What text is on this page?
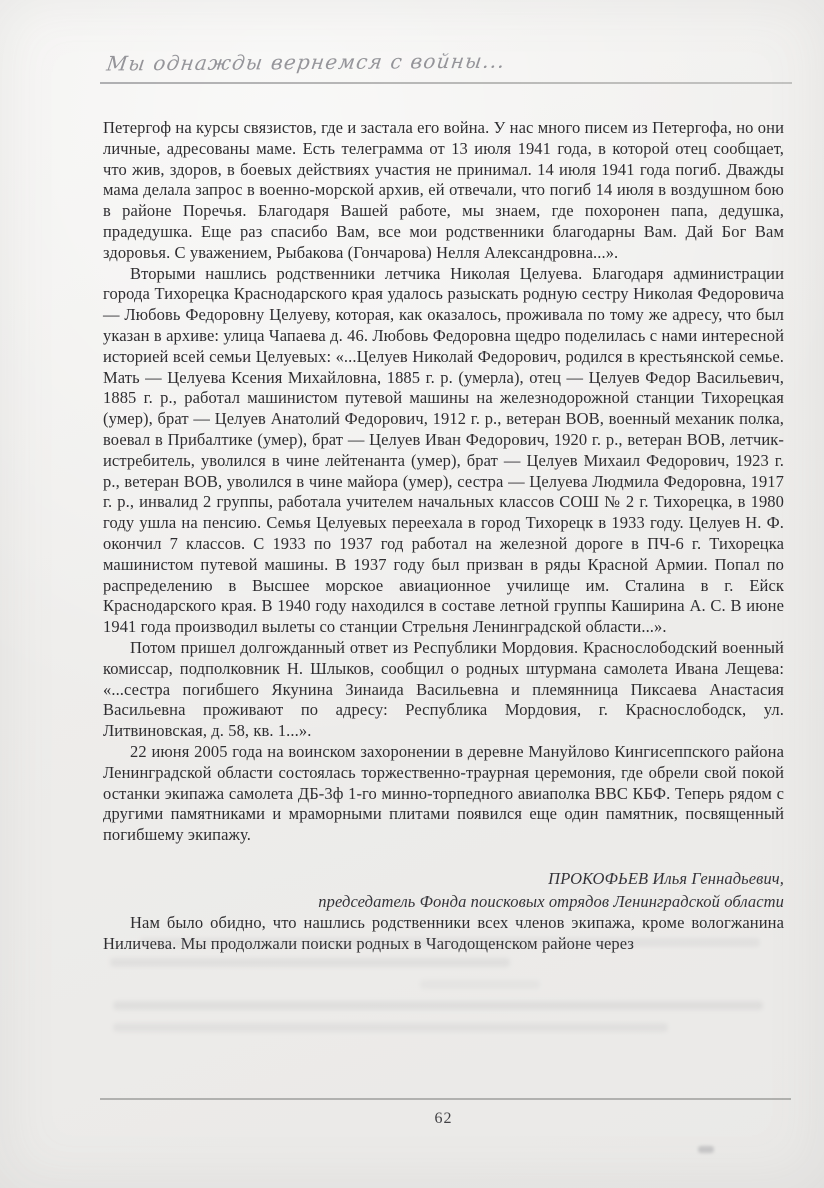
Мы однажды вернемся с войны...

Петергоф на курсы связистов, где и застала его война. У нас много писем из Петергофа, но они личные, адресованы маме. Есть телеграмма от 13 июля 1941 года, в которой отец сообщает, что жив, здоров, в боевых действиях участия не принимал. 14 июля 1941 года погиб. Дважды мама делала запрос в военно-морской архив, ей отвечали, что погиб 14 июля в воздушном бою в районе Поречья. Благодаря Вашей работе, мы знаем, где похоронен папа, дедушка, прадедушка. Еще раз спасибо Вам, все мои родственники благодарны Вам. Дай Бог Вам здоровья. С уважением, Рыбакова (Гончарова) Нелля Александровна...».

Вторыми нашлись родственники летчика Николая Целуева. Благодаря администрации города Тихорецка Краснодарского края удалось разыскать родную сестру Николая Федоровича — Любовь Федоровну Целуеву, которая, как оказалось, проживала по тому же адресу, что был указан в архиве: улица Чапаева д. 46. Любовь Федоровна щедро поделилась с нами интересной историей всей семьи Целуевых: «...Целуев Николай Федорович, родился в крестьянской семье. Мать — Целуева Ксения Михайловна, 1885 г. р. (умерла), отец — Целуев Федор Васильевич, 1885 г. р., работал машинистом путевой машины на железнодорожной станции Тихорецкая (умер), брат — Целуев Анатолий Федорович, 1912 г. р., ветеран ВОВ, военный механик полка, воевал в Прибалтике (умер), брат — Целуев Иван Федорович, 1920 г. р., ветеран ВОВ, летчик-истребитель, уволился в чине лейтенанта (умер), брат — Целуев Михаил Федорович, 1923 г. р., ветеран ВОВ, уволился в чине майора (умер), сестра — Целуева Людмила Федоровна, 1917 г. р., инвалид 2 группы, работала учителем начальных классов СОШ № 2 г. Тихорецка, в 1980 году ушла на пенсию. Семья Целуевых переехала в город Тихорецк в 1933 году. Целуев Н. Ф. окончил 7 классов. С 1933 по 1937 год работал на железной дороге в ПЧ-6 г. Тихорецка машинистом путевой машины. В 1937 году был призван в ряды Красной Армии. Попал по распределению в Высшее морское авиационное училище им. Сталина в г. Ейск Краснодарского края. В 1940 году находился в составе летной группы Каширина А. С. В июне 1941 года производил вылеты со станции Стрельня Ленинградской области...».

Потом пришел долгожданный ответ из Республики Мордовия. Краснослободский военный комиссар, подполковник Н. Шлыков, сообщил о родных штурмана самолета Ивана Лещева: «...сестра погибшего Якунина Зинаида Васильевна и племянница Пиксаева Анастасия Васильевна проживают по адресу: Республика Мордовия, г. Краснослободск, ул. Литвиновская, д. 58, кв. 1...».

22 июня 2005 года на воинском захоронении в деревне Мануйлово Кингисеппского района Ленинградской области состоялась торжественно-траурная церемония, где обрели свой покой останки экипажа самолета ДБ-3ф 1-го минно-торпедного авиаполка ВВС КБФ. Теперь рядом с другими памятниками и мраморными плитами появился еще один памятник, посвященный погибшему экипажу.

ПРОКОФЬЕВ Илья Геннадьевич,
председатель Фонда поисковых отрядов Ленинградской области

Нам было обидно, что нашлись родственники всех членов экипажа, кроме вологжанина Ниличева. Мы продолжали поиски родных в Чагодощенском районе через

62
